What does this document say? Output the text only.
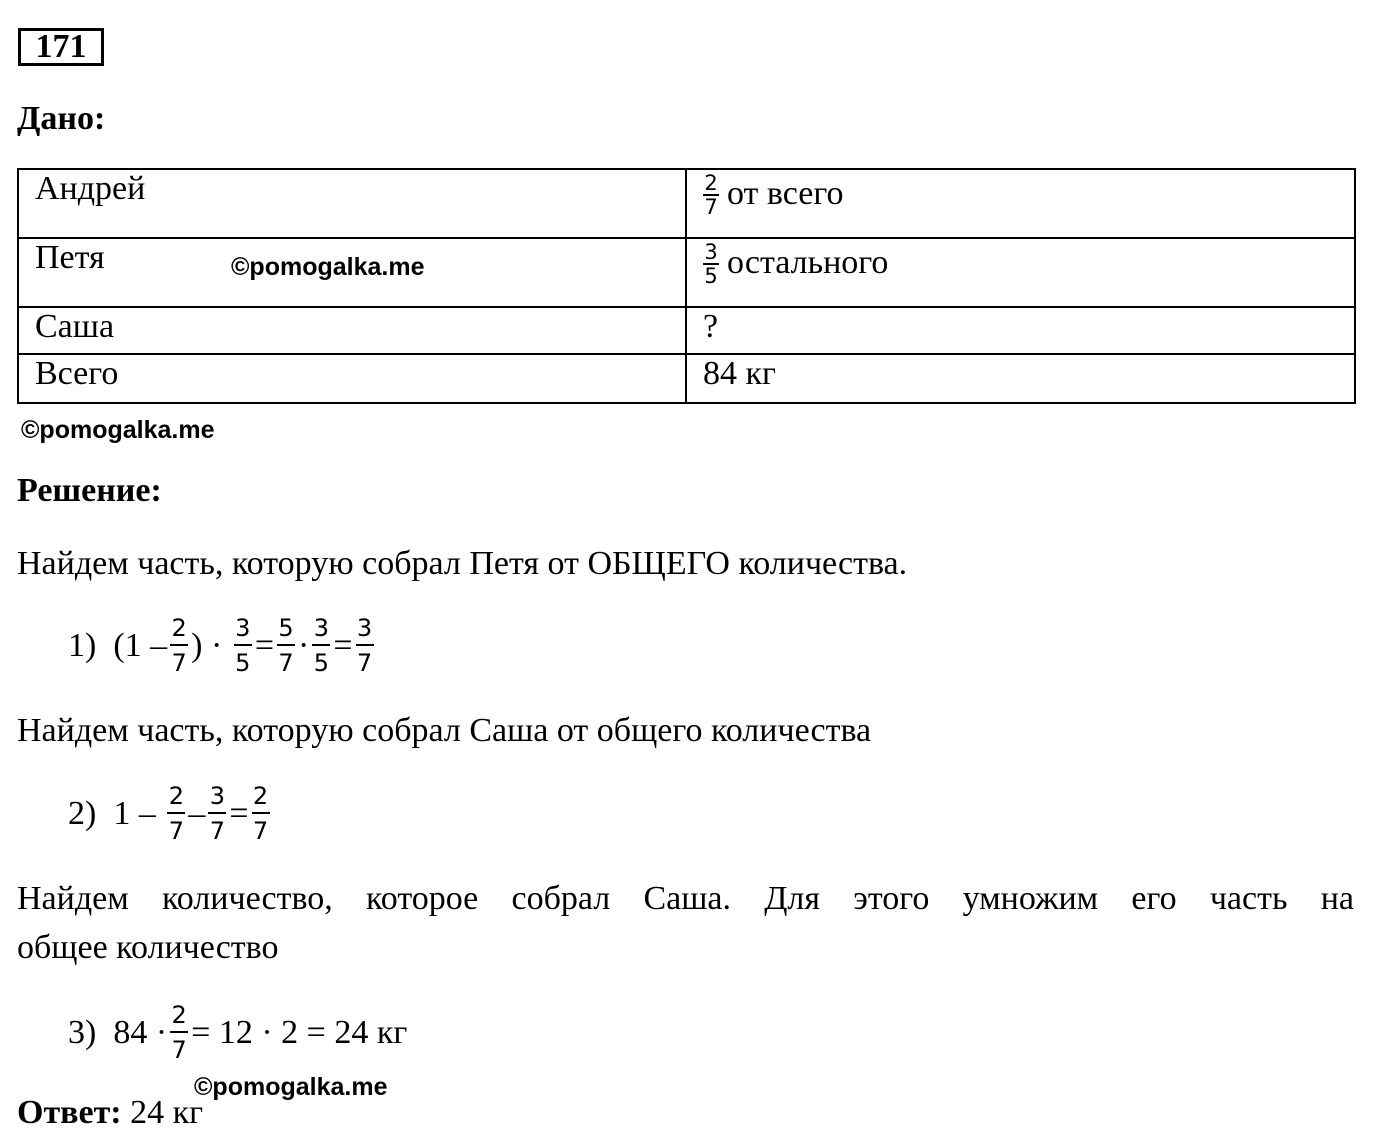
171
Дано:
Андрей	$\frac{2}{7}$ от всего
Петя ©pomogalka.me	$\frac{3}{5}$ остального
Саша	?
Всего	84 кг
©pomogalka.me
Решение:
Найдем часть, которую собрал Петя от ОБЩЕГО количества.
1)
(1 – 2
7 ) ·
3
5 = 5
7 · 3
5 = 3
7
Найдем часть, которую собрал Саша от общего количества
2)
1 –
2
7 – 3
7 = 2
7
Найдем количество, которое собрал Саша. Для этого умножим его часть на
общее количество
3)
84 · 2
7 = 12 · 2 = 24 кг
©pomogalka.me
Ответ: 24 кг
